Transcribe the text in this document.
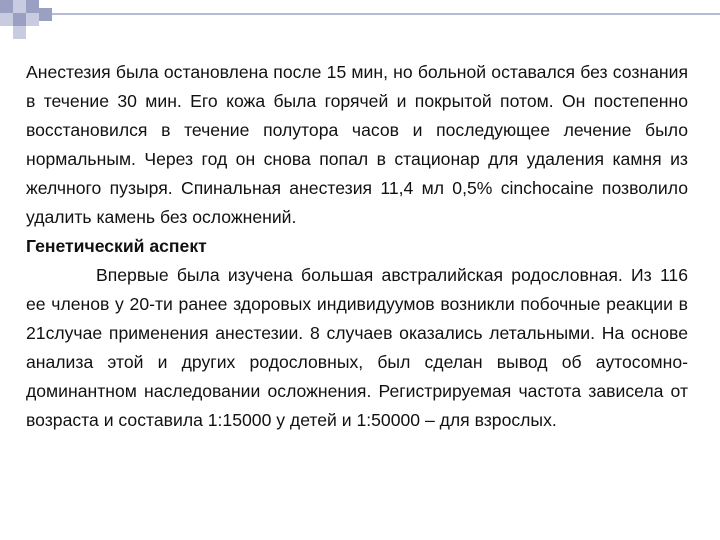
Анестезия была остановлена после 15 мин, но больной оставался без сознания в течение 30 мин. Его кожа была горячей и покрытой потом. Он постепенно восстановился в течение полутора часов и последующее лечение было нормальным. Через год он снова попал в стационар для удаления камня из желчного пузыря. Спинальная анестезия 11,4 мл 0,5% cinchocaine позволило удалить камень без осложнений.

Генетический аспект

Впервые была изучена большая австралийская родословная. Из 116 ее членов у 20-ти ранее здоровых индивидуумов возникли побочные реакции в 21случае применения анестезии. 8 случаев оказались летальными. На основе анализа этой и других родословных, был сделан вывод об аутосомно-доминантном наследовании осложнения. Регистрируемая частота зависела от возраста и составила 1:15000 у детей и 1:50000 – для взрослых.
